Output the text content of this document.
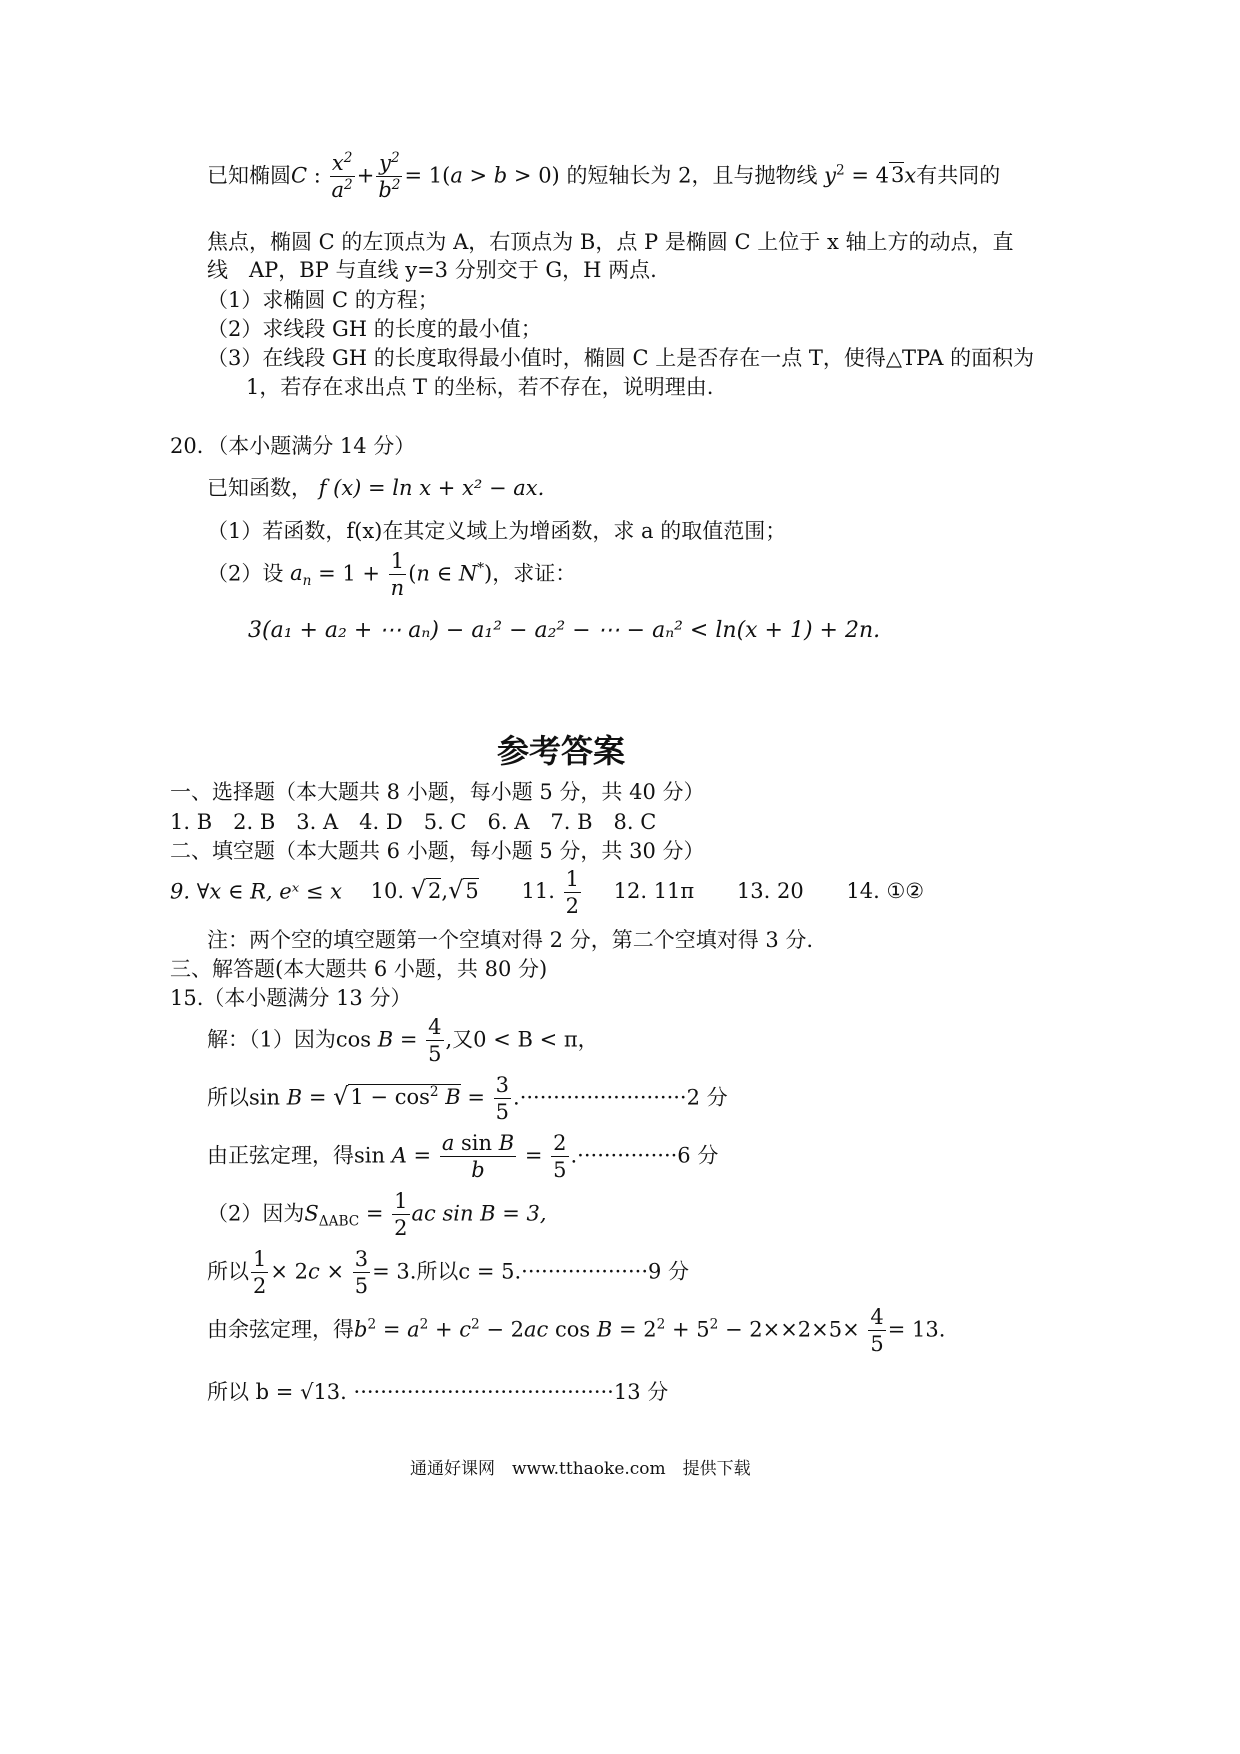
已知椭圆C : $\frac{x^2}{a^2} + \frac{y^2}{b^2} = 1(a > b > 0)$ 的短轴长为 2，且与抛物线 $y^2 = 43x$有共同的
焦点，椭圆 C 的左顶点为 A，右顶点为 B，点 P 是椭圆 C 上位于 x 轴上方的动点，直
线　AP，BP 与直线 y=3 分别交于 G，H 两点.
（1）求椭圆 C 的方程；
（2）求线段 GH 的长度的最小值；
（3）在线段 GH 的长度取得最小值时，椭圆 C 上是否存在一点 T，使得△TPA 的面积为
1，若存在求出点 T 的坐标，若不存在，说明理由.
20．（本小题满分 14 分）
已知函数， f (x) = ln x + x² − ax.
（1）若函数，f(x)在其定义域上为增函数，求 a 的取值范围；
（2）设 $a_n = 1 + \frac{1}{n} (n$ ∈ N*)，求证：
3(a₁ + a₂ + ⋯ aₙ) − a₁² − a₂² − ⋯ − aₙ² < ln(x + 1) + 2n.
参考答案
一、选择题（本大题共 8 小题，每小题 5 分，共 40 分）
1. B　2. B　3. A　4. D　5. C　6. A　7. B　8. C
二、填空题（本大题共 6 小题，每小题 5 分，共 30 分）
9. ∀x ∈ R, eˣ ≤ x 10. √2,√5 11. $\frac{1}{2} 12$. 11π 13. 20 14. ①②
注：两个空的填空题第一个空填对得 2 分，第二个空填对得 3 分.
三、解答题(本大题共 6 小题，共 80 分)
15.（本小题满分 13 分）
解：（1）因为$\cos B = \frac{4}{5}$ ,又0 < B < π，
所以$\sin B = √1 - \cos^2 B = \frac{3}{5} .\cdot\cdot\cdot\cdot\cdot\cdot\cdot\cdot\cdot\cdot\cdot\cdot\cdot\cdot\cdot\cdot\cdot\cdot\cdot\cdot\cdot\cdot\cdot\cdot\cdot 2$ 分
由正弦定理，得$\sin A = \frac{\text{a sin B}}{b} = \frac{2}{5} .\cdot\cdot\cdot\cdot\cdot\cdot\cdot\cdot\cdot\cdot\cdot\cdot\cdot\cdot\cdot 6$ 分
（2）因为$S_{\Delta ABC} = \frac{1}{2}$ ac sin B = 3,
所以 $\frac{1}{2} \times 2c \times \frac{3}{5} = 3$.所以c = 5.···················9 分
由余弦定理，得$b^2 = a^2 + c^2 - 2ac$ $\cos B = 2^2 + 5^2 - 2\times\times 2\times 5\times \frac{4}{5} = 13$.
所以 b = √13. ·······································13 分
通通好课网　www.tthaoke.com　提供下载
